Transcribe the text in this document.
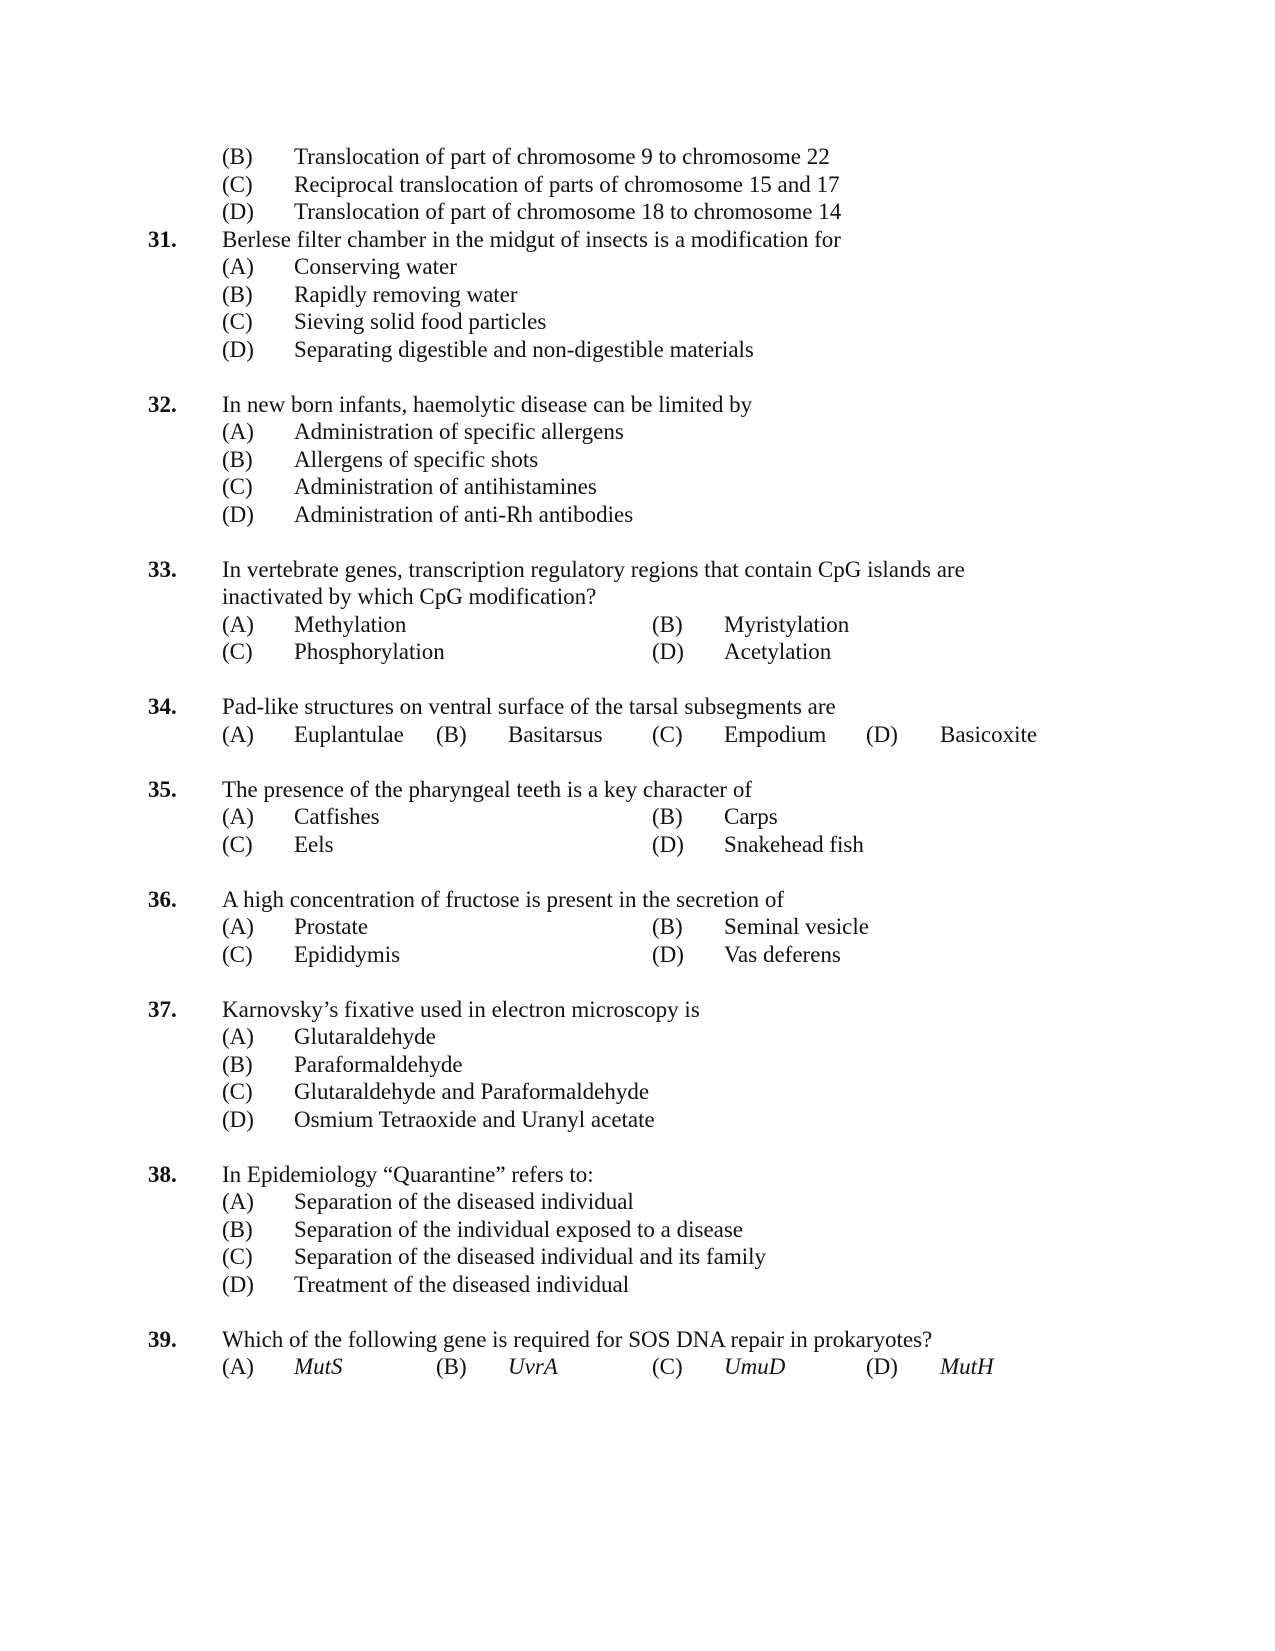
(B) Translocation of part of chromosome 9 to chromosome 22
(C) Reciprocal translocation of parts of chromosome 15 and 17
(D) Translocation of part of chromosome 18 to chromosome 14
31. Berlese filter chamber in the midgut of insects is a modification for
(A) Conserving water
(B) Rapidly removing water
(C) Sieving solid food particles
(D) Separating digestible and non-digestible materials
32. In new born infants, haemolytic disease can be limited by
(A) Administration of specific allergens
(B) Allergens of specific shots
(C) Administration of antihistamines
(D) Administration of anti-Rh antibodies
33. In vertebrate genes, transcription regulatory regions that contain CpG islands are
inactivated by which CpG modification?
(A) Methylation	(B) Myristylation
(C) Phosphorylation	(D) Acetylation
34. Pad-like structures on ventral surface of the tarsal subsegments are
(A) Euplantulae (B) Basitarsus (C) Empodium (D) Basicoxite
35. The presence of the pharyngeal teeth is a key character of
(A) Catfishes	(B) Carps
(C) Eels	(D) Snakehead fish
36. A high concentration of fructose is present in the secretion of
(A) Prostate	(B) Seminal vesicle
(C) Epididymis	(D) Vas deferens
37. Karnovsky’s fixative used in electron microscopy is
(A) Glutaraldehyde
(B) Paraformaldehyde
(C) Glutaraldehyde and Paraformaldehyde
(D) Osmium Tetraoxide and Uranyl acetate
38. In Epidemiology “Quarantine” refers to:
(A) Separation of the diseased individual
(B) Separation of the individual exposed to a disease
(C) Separation of the diseased individual and its family
(D) Treatment of the diseased individual
39. Which of the following gene is required for SOS DNA repair in prokaryotes?
(A) MutS	(B) UvrA	(C) UmuD	(D) MutH
